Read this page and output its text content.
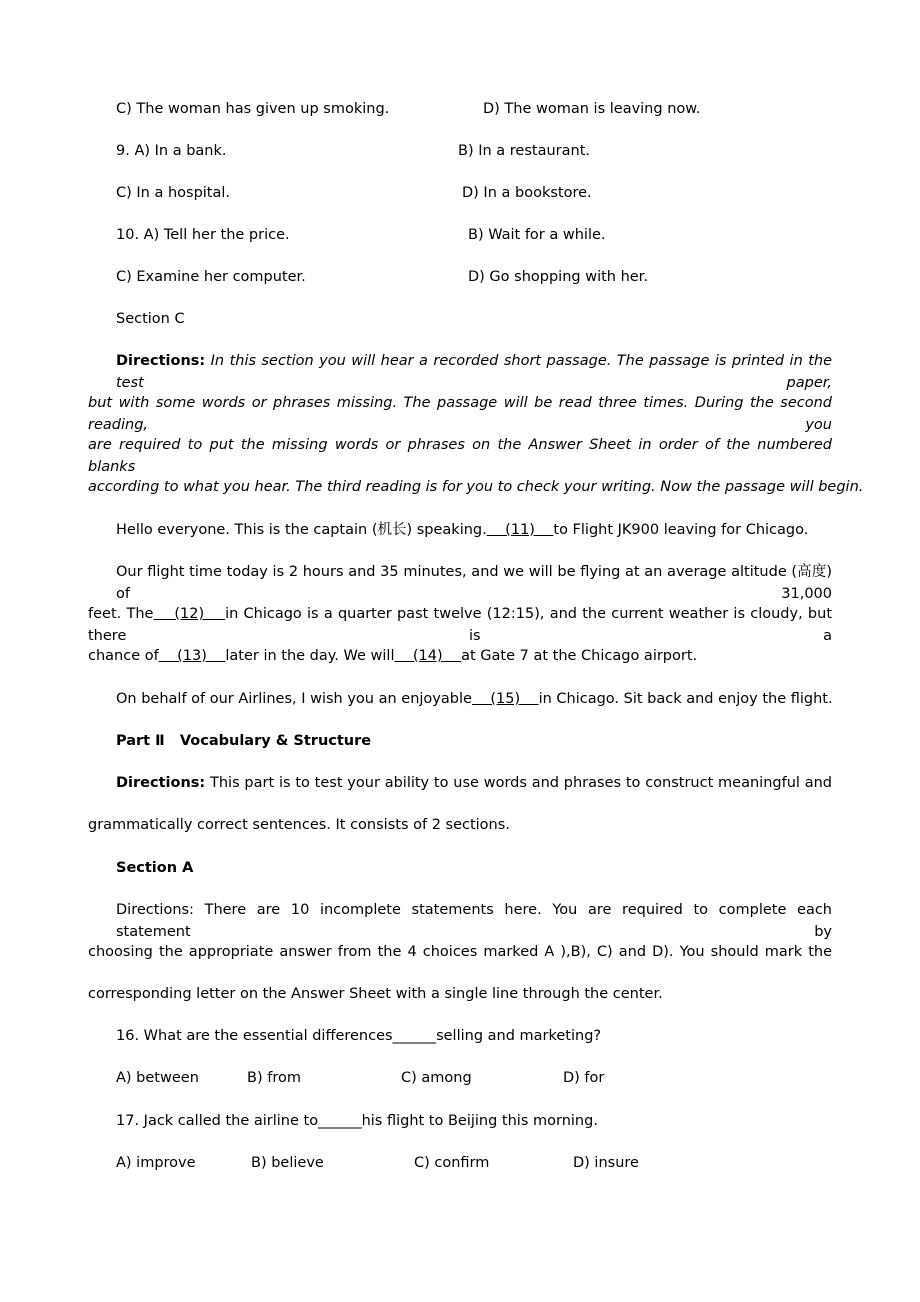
C) The woman has given up smoking.	D) The woman is leaving now.
9. A) In a bank.	B) In a restaurant.
C) In a hospital.	D) In a bookstore.
10. A) Tell her the price.	B) Wait for a while.
C) Examine her computer.	D) Go shopping with her.
Section C
Directions: In this section you will hear a recorded short passage. The passage is printed in the test paper,
but with some words or phrases missing. The passage will be read three times. During the second reading, you
are required to put the missing words or phrases on the Answer Sheet in order of the numbered blanks
according to what you hear. The third reading is for you to check your writing. Now the passage will begin.
Hello everyone. This is the captain (机长) speaking.    (11)    to Flight JK900 leaving for Chicago.
Our flight time today is 2 hours and 35 minutes, and we will be flying at an average altitude (高度) of 31,000
feet. The    (12)    in Chicago is a quarter past twelve (12:15), and the current weather is cloudy, but there is a
chance of    (13)    later in the day. We will    (14)    at Gate 7 at the Chicago airport.
On behalf of our Airlines, I wish you an enjoyable    (15)    in Chicago. Sit back and enjoy the flight.
Part Ⅱ   Vocabulary & Structure
Directions: This part is to test your ability to use words and phrases to construct meaningful and
grammatically correct sentences. It consists of 2 sections.
Section A
Directions: There are 10 incomplete statements here. You are required to complete each statement by
choosing the appropriate answer from the 4 choices marked A ),B), C) and D). You should mark the
corresponding letter on the Answer Sheet with a single line through the center.
16. What are the essential differences______selling and marketing?
A) between	B) from	C) among	D) for
17. Jack called the airline to______his flight to Beijing this morning.
A) improve	B) believe	C) confirm	D) insure
